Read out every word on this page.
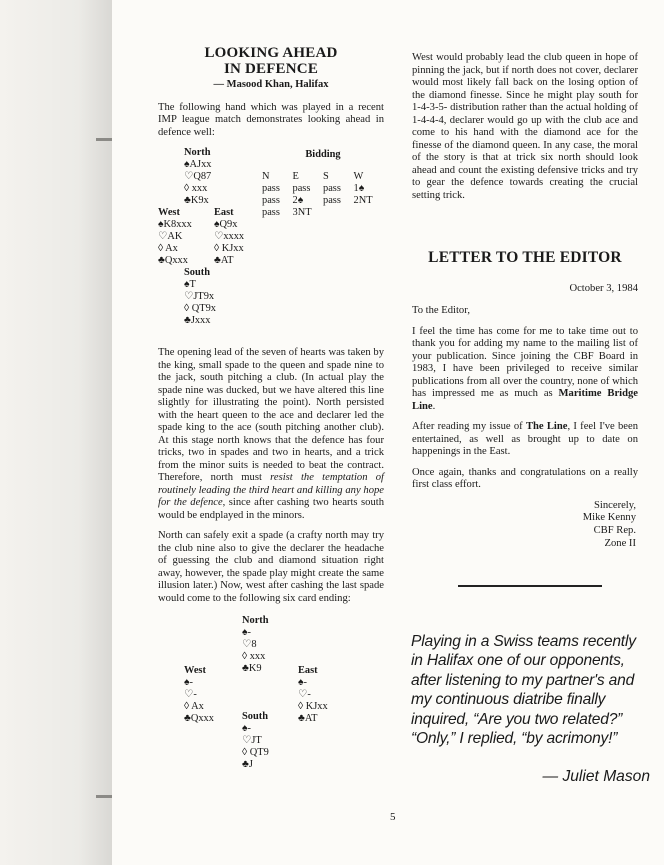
LOOKING AHEAD
IN DEFENCE
— Masood Khan, Halifax

The following hand which was played in a recent IMP league match demonstrates looking ahead in defence well:

North
♠AJxx
♡Q87
◊ xxx
♣K9x
West
♠K8xxx
♡AK
◊ Ax
♣Qxxx
East
♠Q9x
♡xxxx
◊ KJxx
♣AT
South
♠T
♡JT9x
◊ QT9x
♣Jxxx
Bidding
N	E	S	W
pass	pass	pass	1♠
pass	2♠	pass	2NT
pass	3NT

The opening lead of the seven of hearts was taken by the king, small spade to the queen and spade nine to the jack, south pitching a club. (In actual play the spade nine was ducked, but we have altered this line slightly for illustrating the point). North persisted with the heart queen to the ace and declarer led the spade king to the ace (south pitching another club). At this stage north knows that the defence has four tricks, two in spades and two in hearts, and a trick from the minor suits is needed to beat the contract. Therefore, north must resist the temptation of routinely leading the third heart and killing any hope for the defence, since after cashing two hearts south would be endplayed in the minors.

North can safely exit a spade (a crafty north may try the club nine also to give the declarer the headache of guessing the club and diamond situation right away, however, the spade play might create the same illusion later.) Now, west after cashing the last spade would come to the following six card ending:

North
♠-
♡8
◊ xxx
♣K9
West
♠-
♡-
◊ Ax
♣Qxxx
East
♠-
♡-
◊ KJxx
♣AT
South
♠-
♡JT
◊ QT9
♣J

West would probably lead the club queen in hope of pinning the jack, but if north does not cover, declarer would most likely fall back on the losing option of the diamond finesse. Since he might play south for 1-4-3-5- distribution rather than the actual holding of 1-4-4-4, declarer would go up with the club ace and come to his hand with the diamond ace for the finesse of the diamond queen. In any case, the moral of the story is that at trick six north should look ahead and count the existing defensive tricks and try to gear the defence towards creating the crucial setting trick.

LETTER TO THE EDITOR
October 3, 1984

To the Editor,

I feel the time has come for me to take time out to thank you for adding my name to the mailing list of your publication. Since joining the CBF Board in 1983, I have been privileged to receive similar publications from all over the country, none of which has impressed me as much as Maritime Bridge Line.

After reading my issue of The Line, I feel I've been entertained, as well as brought up to date on happenings in the East.

Once again, thanks and congratulations on a really first class effort.

Sincerely,
Mike Kenny
CBF Rep.
Zone II
Playing in a Swiss teams recently in Halifax one of our opponents, after listening to my partner's and my continuous diatribe finally inquired, “Are you two related?” “Only,” I replied, “by acrimony!”
— Juliet Mason
5
